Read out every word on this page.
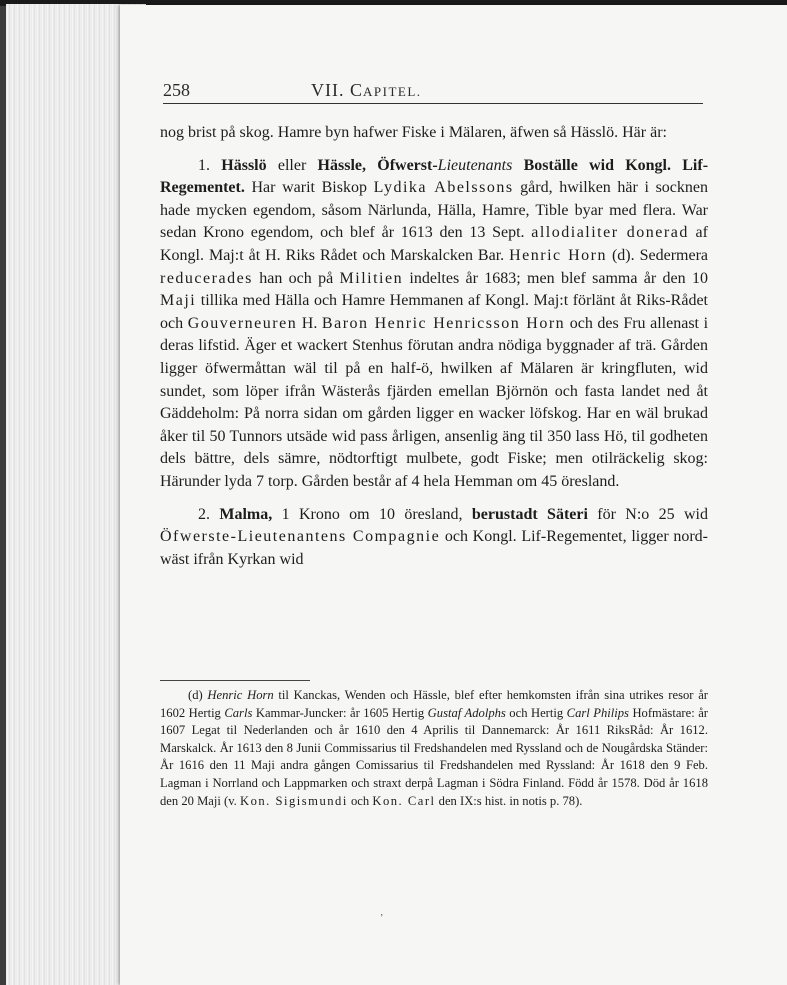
258	VII. CAPITEL.

nog brist på skog. Hamre byn hafwer Fiske i Mälaren, äfwen så Hässlö. Här är:

1. Hässlö eller Hässle, Öfwerst-Lieutenants Boställe wid Kongl. Lif-Regementet. Har warit Biskop Lydika Abelssons gård, hwilken här i socknen hade mycken egendom, såsom Närlunda, Hälla, Hamre, Tible byar med flera. War sedan Krono egendom, och blef år 1613 den 13 Sept. allodialiter donerad af Kongl. Maj:t åt H. Riks Rådet och Marskalcken Bar. Henric Horn (d). Sedermera reducerades han och på Militien indeltes år 1683; men blef samma år den 10 Maji tillika med Hälla och Hamre Hemmanen af Kongl. Maj:t förlänt åt Riks-Rådet och Gouverneuren H. Baron Henric Henricsson Horn och des Fru allenast i deras lifstid. Äger et wackert Stenhus förutan andra nödiga byggnader af trä. Gården ligger öfwermåttan wäl til på en half-ö, hwilken af Mälaren är kringfluten, wid sundet, som löper ifrån Wästerås fjärden emellan Björnön och fasta landet ned åt Gäddeholm: På norra sidan om gården ligger en wacker löfskog. Har en wäl brukad åker til 50 Tunnors utsäde wid pass årligen, ansenlig äng til 350 lass Hö, til godheten dels bättre, dels sämre, nödtorftigt mulbete, godt Fiske; men otilräckelig skog: Härunder lyda 7 torp. Gården består af 4 hela Hemman om 45 öresland.

2. Malma, 1 Krono om 10 öresland, berustadt Säteri för N:o 25 wid Öfwerste-Lieutenantens Compagnie och Kongl. Lif-Regementet, ligger nord-wäst ifrån Kyrkan wid

(d) Henric Horn til Kanckas, Wenden och Hässle, blef efter hemkomsten ifrån sina utrikes resor år 1602 Hertig Carls Kammar-Juncker: år 1605 Hertig Gustaf Adolphs och Hertig Carl Philips Hofmästare: år 1607 Legat til Nederlanden och år 1610 den 4 Aprilis til Dannemarck: År 1611 RiksRåd: År 1612. Marskalck. År 1613 den 8 Junii Commissarius til Fredshandelen med Ryssland och de Nougårdska Ständer: År 1616 den 11 Maji andra gången Comissarius til Fredshandelen med Ryssland: År 1618 den 9 Feb. Lagman i Norrland och Lappmarken och straxt derpå Lagman i Södra Finland. Född år 1578. Död år 1618 den 20 Maji (v. Kon. Sigismundi och Kon. Carl den IX:s hist. in notis p. 78).

ʼ
